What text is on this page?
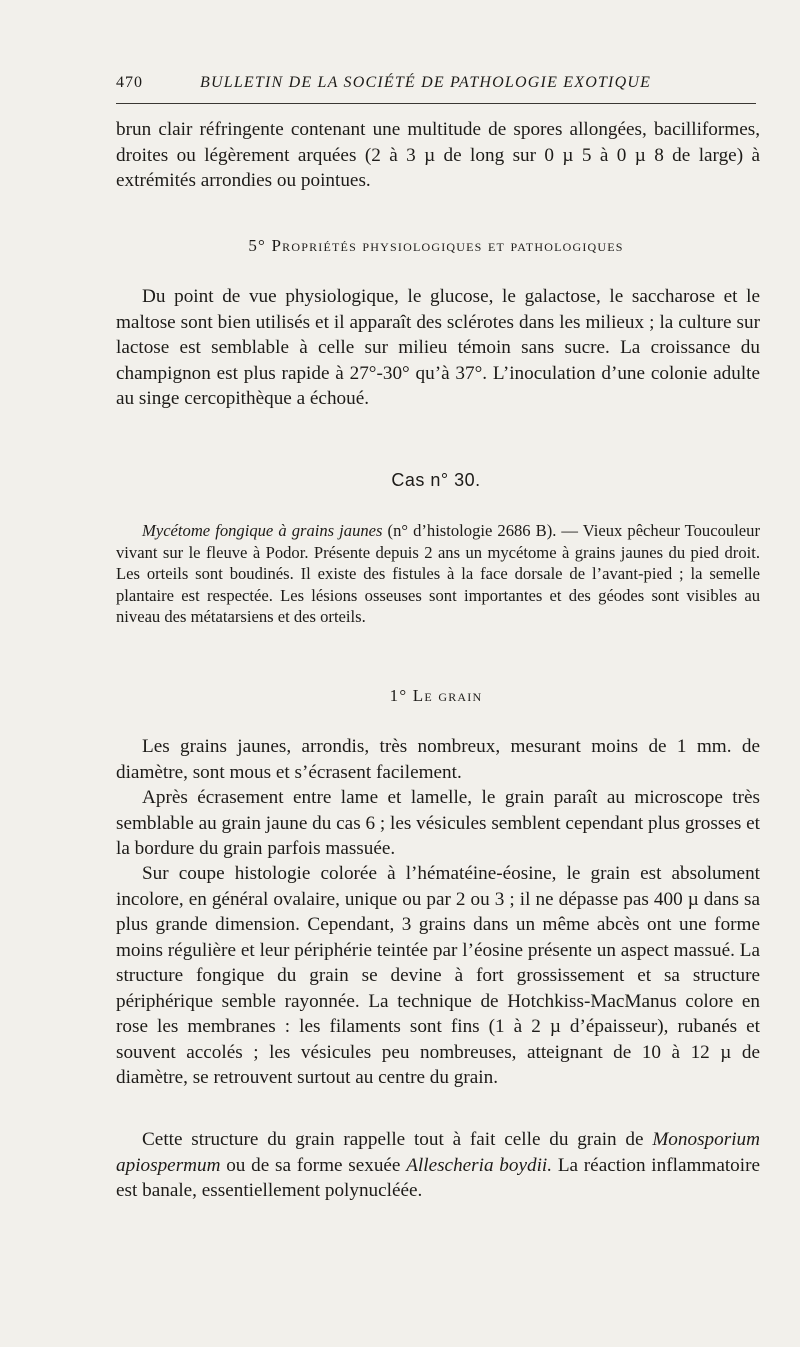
470	BULLETIN DE LA SOCIÉTÉ DE PATHOLOGIE EXOTIQUE

brun clair réfringente contenant une multitude de spores allongées, bacilliformes, droites ou légèrement arquées (2 à 3 µ de long sur 0 µ 5 à 0 µ 8 de large) à extrémités arrondies ou pointues.

5° Propriétés physiologiques et pathologiques

Du point de vue physiologique, le glucose, le galactose, le saccharose et le maltose sont bien utilisés et il apparaît des sclérotes dans les milieux ; la culture sur lactose est semblable à celle sur milieu témoin sans sucre. La croissance du champignon est plus rapide à 27°-30° qu’à 37°. L’inoculation d’une colonie adulte au singe cercopithèque a échoué.

Cas n° 30.

Mycétome fongique à grains jaunes (n° d’histologie 2686 B). — Vieux pêcheur Toucouleur vivant sur le fleuve à Podor. Présente depuis 2 ans un mycétome à grains jaunes du pied droit. Les orteils sont boudinés. Il existe des fistules à la face dorsale de l’avant-pied ; la semelle plantaire est respectée. Les lésions osseuses sont importantes et des géodes sont visibles au niveau des métatarsiens et des orteils.

1° Le grain

Les grains jaunes, arrondis, très nombreux, mesurant moins de 1 mm. de diamètre, sont mous et s’écrasent facilement.

Après écrasement entre lame et lamelle, le grain paraît au microscope très semblable au grain jaune du cas 6 ; les vésicules semblent cependant plus grosses et la bordure du grain parfois massuée.

Sur coupe histologie colorée à l’hématéine-éosine, le grain est absolument incolore, en général ovalaire, unique ou par 2 ou 3 ; il ne dépasse pas 400 µ dans sa plus grande dimension. Cependant, 3 grains dans un même abcès ont une forme moins régulière et leur périphérie teintée par l’éosine présente un aspect massué. La structure fongique du grain se devine à fort grossissement et sa structure périphérique semble rayonnée. La technique de Hotchkiss-MacManus colore en rose les membranes : les filaments sont fins (1 à 2 µ d’épaisseur), rubanés et souvent accolés ; les vésicules peu nombreuses, atteignant de 10 à 12 µ de diamètre, se retrouvent surtout au centre du grain.

Cette structure du grain rappelle tout à fait celle du grain de Monosporium apiospermum ou de sa forme sexuée Allescheria boydii. La réaction inflammatoire est banale, essentiellement polynucléée.
